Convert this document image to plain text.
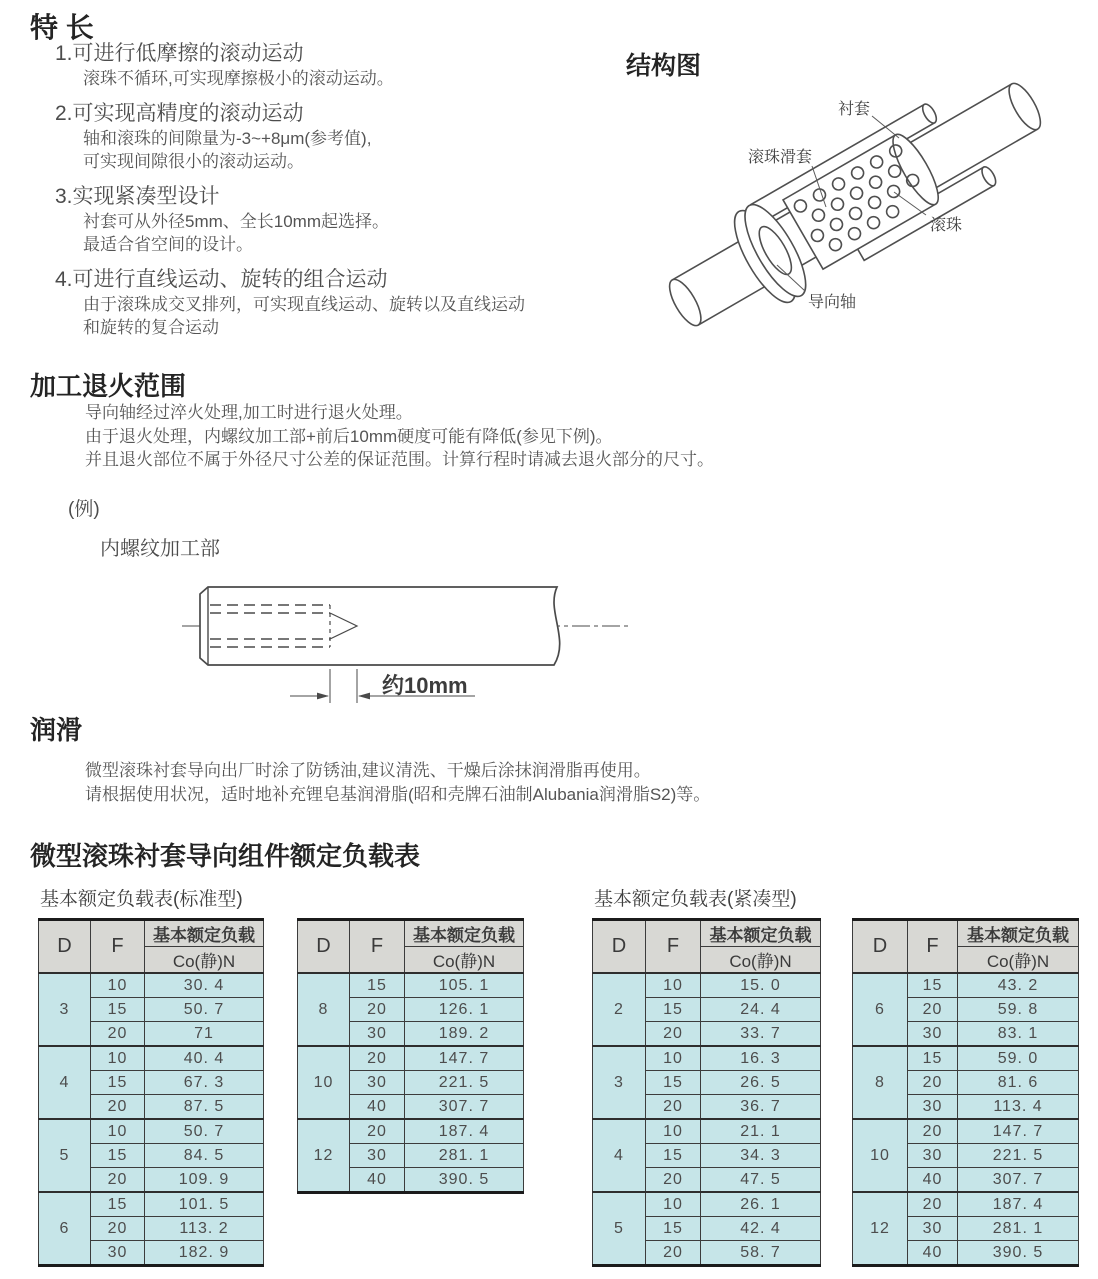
特 长
1.可进行低摩擦的滚动运动
滚珠不循环,可实现摩擦极小的滚动运动。
2.可实现高精度的滚动运动
轴和滚珠的间隙量为-3~+8μm(参考值),
可实现间隙很小的滚动运动。
3.实现紧凑型设计
衬套可从外径5mm、全长10mm起选择。
最适合省空间的设计。
4.可进行直线运动、旋转的组合运动
由于滚珠成交叉排列，可实现直线运动、旋转以及直线运动
和旋转的复合运动
结构图
衬套
滚珠滑套
滚珠
导向轴
加工退火范围
导向轴经过淬火处理,加工时进行退火处理。
由于退火处理，内螺纹加工部+前后10mm硬度可能有降低(参见下例)。
并且退火部位不属于外径尺寸公差的保证范围。计算行程时请减去退火部分的尺寸。
(例)
内螺纹加工部
约10mm
润滑
微型滚珠衬套导向出厂时涂了防锈油,建议清洗、干燥后涂抹润滑脂再使用。
请根据使用状况，适时地补充锂皂基润滑脂(昭和壳牌石油制Alubania润滑脂S2)等。
微型滚珠衬套导向组件额定负载表
基本额定负载表(标准型)	基本额定负载表(紧凑型)
D	F	基本额定负载
		Co(静)N
3	10	30. 4
	15	50. 7
	20	71
4	10	40. 4
	15	67. 3
	20	87. 5
5	10	50. 7
	15	84. 5
	20	109. 9
6	15	101. 5
	20	113. 2
	30	182. 9
D	F	基本额定负载
		Co(静)N
8	15	105. 1
	20	126. 1
	30	189. 2
10	20	147. 7
	30	221. 5
	40	307. 7
12	20	187. 4
	30	281. 1
	40	390. 5
D	F	基本额定负载
		Co(静)N
2	10	15. 0
	15	24. 4
	20	33. 7
3	10	16. 3
	15	26. 5
	20	36. 7
4	10	21. 1
	15	34. 3
	20	47. 5
5	10	26. 1
	15	42. 4
	20	58. 7
D	F	基本额定负载
		Co(静)N
6	15	43. 2
	20	59. 8
	30	83. 1
8	15	59. 0
	20	81. 6
	30	113. 4
10	20	147. 7
	30	221. 5
	40	307. 7
12	20	187. 4
	30	281. 1
	40	390. 5
